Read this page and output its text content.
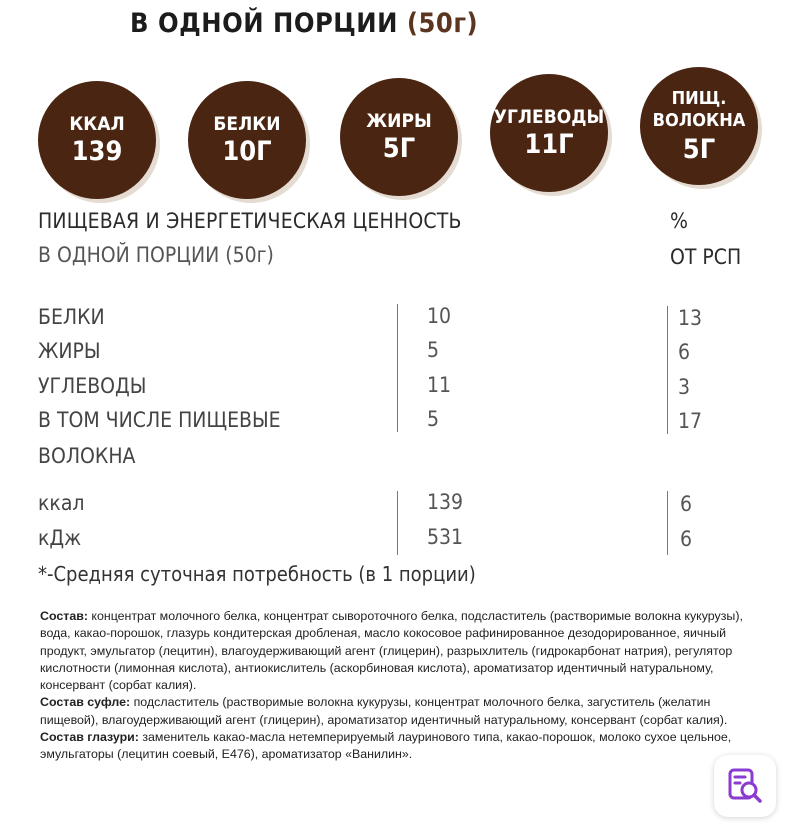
В ОДНОЙ ПОРЦИИ (50г)
ККАЛ
139
БЕЛКИ
10Г
ЖИРЫ
5Г
УГЛЕВОДЫ
11Г
ПИЩ.
ВОЛОКНА
5Г
ПИЩЕВАЯ И ЭНЕРГЕТИЧЕСКАЯ ЦЕННОСТЬ
В ОДНОЙ ПОРЦИИ (50г)
%
ОТ РСП
БЕЛКИ	10	13
ЖИРЫ	5	6
УГЛЕВОДЫ	11	3
В ТОМ ЧИСЛЕ ПИЩЕВЫЕ
ВОЛОКНА
5	17
ккал	139	6
кДж	531	6
*-Средняя суточная потребность (в 1 порции)

Состав: концентрат молочного белка, концентрат сывороточного белка, подсластитель (растворимые волокна кукурузы), вода, какао-порошок, глазурь кондитерская дробленая, масло кокосовое рафинированное дезодорированное, яичный продукт, эмульгатор (лецитин), влагоудерживающий агент (глицерин), разрыхлитель (гидрокарбонат натрия), регулятор кислотности (лимонная кислота), антиокислитель (аскорбиновая кислота), ароматизатор идентичный натуральному, консервант (сорбат калия).

Состав суфле: подсластитель (растворимые волокна кукурузы, концентрат молочного белка, загуститель (желатин пищевой), влагоудерживающий агент (глицерин), ароматизатор идентичный натуральному, консервант (сорбат калия).

Состав глазури: заменитель какао-масла нетемперируемый лауринового типа, какао-порошок, молоко сухое цельное, эмульгаторы (лецитин соевый, E476), ароматизатор «Ванилин».
